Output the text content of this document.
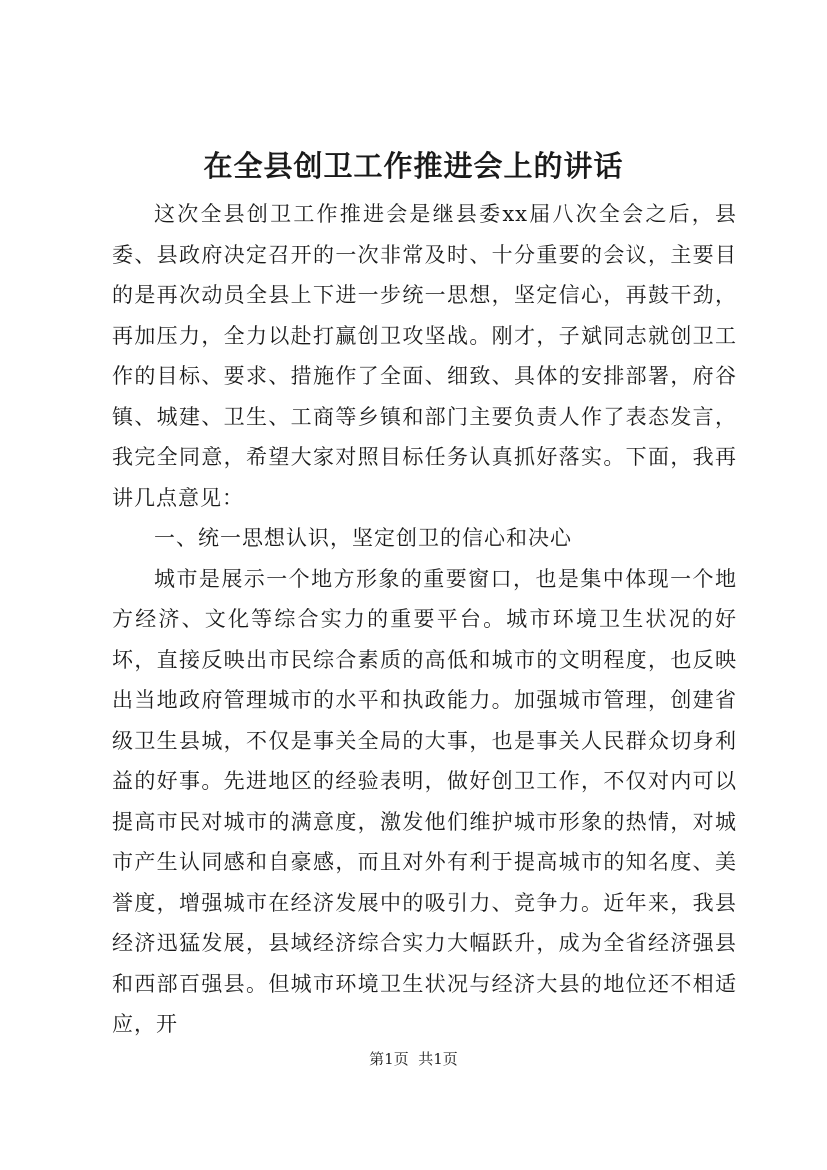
在全县创卫工作推进会上的讲话

这次全县创卫工作推进会是继县委xx届八次全会之后，县委、县政府决定召开的一次非常及时、十分重要的会议，主要目的是再次动员全县上下进一步统一思想，坚定信心，再鼓干劲，再加压力，全力以赴打赢创卫攻坚战。刚才，子斌同志就创卫工作的目标、要求、措施作了全面、细致、具体的安排部署，府谷镇、城建、卫生、工商等乡镇和部门主要负责人作了表态发言，我完全同意，希望大家对照目标任务认真抓好落实。下面，我再讲几点意见：

一、统一思想认识，坚定创卫的信心和决心

城市是展示一个地方形象的重要窗口，也是集中体现一个地方经济、文化等综合实力的重要平台。城市环境卫生状况的好坏，直接反映出市民综合素质的高低和城市的文明程度，也反映出当地政府管理城市的水平和执政能力。加强城市管理，创建省级卫生县城，不仅是事关全局的大事，也是事关人民群众切身利益的好事。先进地区的经验表明，做好创卫工作，不仅对内可以提高市民对城市的满意度，激发他们维护城市形象的热情，对城市产生认同感和自豪感，而且对外有利于提高城市的知名度、美誉度，增强城市在经济发展中的吸引力、竞争力。近年来，我县经济迅猛发展，县域经济综合实力大幅跃升，成为全省经济强县和西部百强县。但城市环境卫生状况与经济大县的地位还不相适应，开

第1页 共1页
